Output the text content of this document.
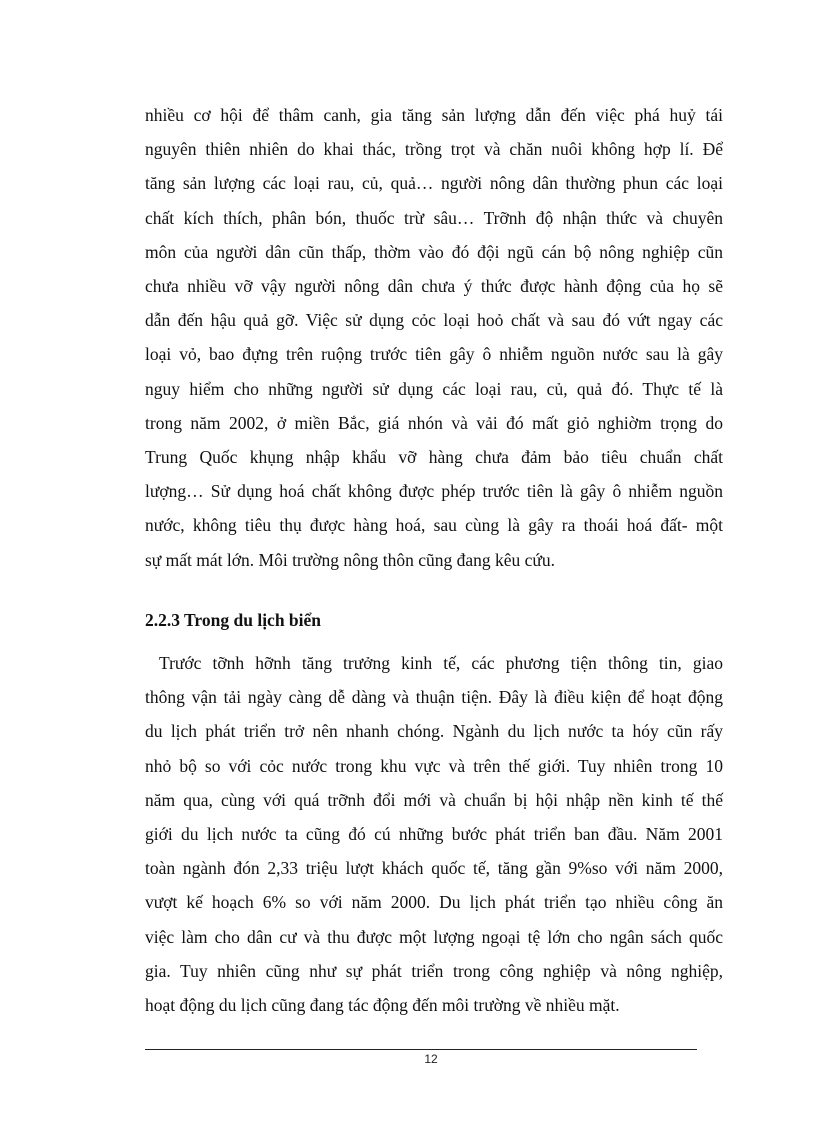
nhiều cơ hội để thâm canh, gia tăng sản lượng dẫn đến việc phá huỷ tái
nguyên thiên nhiên do khai thác, trồng trọt và chăn nuôi không hợp lí. Để
tăng sản lượng các loại rau, củ, quả… người nông dân thường phun các loại
chất kích thích, phân bón, thuốc trừ sâu… Trỡnh độ nhận thức và chuyên
môn của người dân cũn thấp, thờm vào đó đội ngũ cán bộ nông nghiệp cũn
chưa nhiều vỡ vậy người nông dân chưa ý thức được hành động của họ sẽ
dẫn đến hậu quả gỡ. Việc sử dụng cỏc loại hoỏ chất và sau đó vứt ngay các
loại vỏ, bao đựng trên ruộng trước tiên gây ô nhiễm nguồn nước sau là gây
nguy hiểm cho những người sử dụng các loại rau, củ, quả đó. Thực tế là
trong năm 2002, ở miền Bắc, giá nhón và vải đó mất giỏ nghiờm trọng do
Trung Quốc khụng nhập khẩu vỡ hàng chưa đảm bảo tiêu chuẩn chất
lượng… Sử dụng hoá chất không được phép trước tiên là gây ô nhiễm nguồn
nước, không tiêu thụ được hàng hoá, sau cùng là gây ra thoái hoá đất- một
sự mất mát lớn. Môi trường nông thôn cũng đang kêu cứu.
2.2.3 Trong du lịch biển
Trước tỡnh hỡnh tăng trưởng kinh tế, các phương tiện thông tin, giao
thông vận tải ngày càng dễ dàng và thuận tiện. Đây là điều kiện để hoạt động
du lịch phát triển trở nên nhanh chóng. Ngành du lịch nước ta hóy cũn rấy
nhỏ bộ so với cỏc nước trong khu vực và trên thế giới. Tuy nhiên trong 10
năm qua, cùng với quá trỡnh đổi mới và chuẩn bị hội nhập nền kinh tế thế
giới du lịch nước ta cũng đó cú những bước phát triển ban đầu. Năm 2001
toàn ngành đón 2,33 triệu lượt khách quốc tế, tăng gần 9%so với năm 2000,
vượt kế hoạch 6% so với năm 2000. Du lịch phát triển tạo nhiều công ăn
việc làm cho dân cư và thu được một lượng ngoại tệ lớn cho ngân sách quốc
gia. Tuy nhiên cũng như sự phát triển trong công nghiệp và nông nghiệp,
hoạt động du lịch cũng đang tác động đến môi trường về nhiều mặt.
12
